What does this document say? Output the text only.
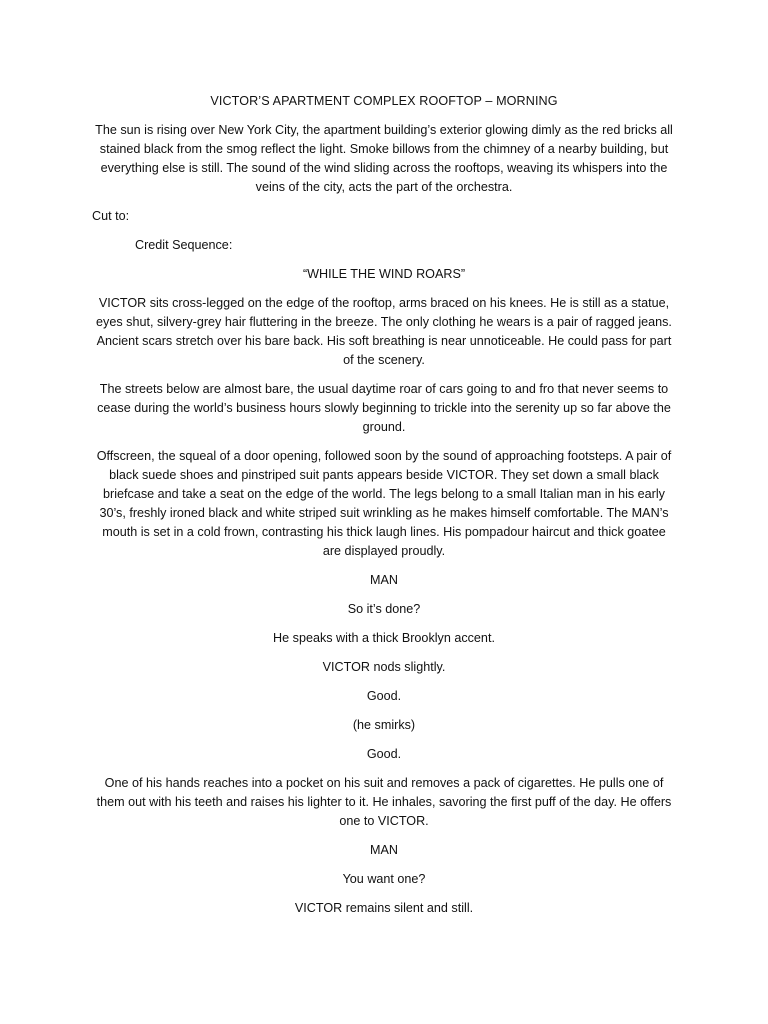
VICTOR’S APARTMENT COMPLEX ROOFTOP – MORNING

The sun is rising over New York City, the apartment building’s exterior glowing dimly as the red bricks all stained black from the smog reflect the light. Smoke billows from the chimney of a nearby building, but everything else is still. The sound of the wind sliding across the rooftops, weaving its whispers into the veins of the city, acts the part of the orchestra.

Cut to:

Credit Sequence:

“WHILE THE WIND ROARS”

VICTOR sits cross-legged on the edge of the rooftop, arms braced on his knees. He is still as a statue, eyes shut, silvery-grey hair fluttering in the breeze. The only clothing he wears is a pair of ragged jeans. Ancient scars stretch over his bare back. His soft breathing is near unnoticeable. He could pass for part of the scenery.

The streets below are almost bare, the usual daytime roar of cars going to and fro that never seems to cease during the world’s business hours slowly beginning to trickle into the serenity up so far above the ground.

Offscreen, the squeal of a door opening, followed soon by the sound of approaching footsteps. A pair of black suede shoes and pinstriped suit pants appears beside VICTOR. They set down a small black briefcase and take a seat on the edge of the world. The legs belong to a small Italian man in his early 30’s, freshly ironed black and white striped suit wrinkling as he makes himself comfortable. The MAN’s mouth is set in a cold frown, contrasting his thick laugh lines. His pompadour haircut and thick goatee are displayed proudly.

MAN

So it’s done?

He speaks with a thick Brooklyn accent.

VICTOR nods slightly.

Good.

(he smirks)

Good.

One of his hands reaches into a pocket on his suit and removes a pack of cigarettes. He pulls one of them out with his teeth and raises his lighter to it. He inhales, savoring the first puff of the day. He offers one to VICTOR.

MAN

You want one?

VICTOR remains silent and still.
